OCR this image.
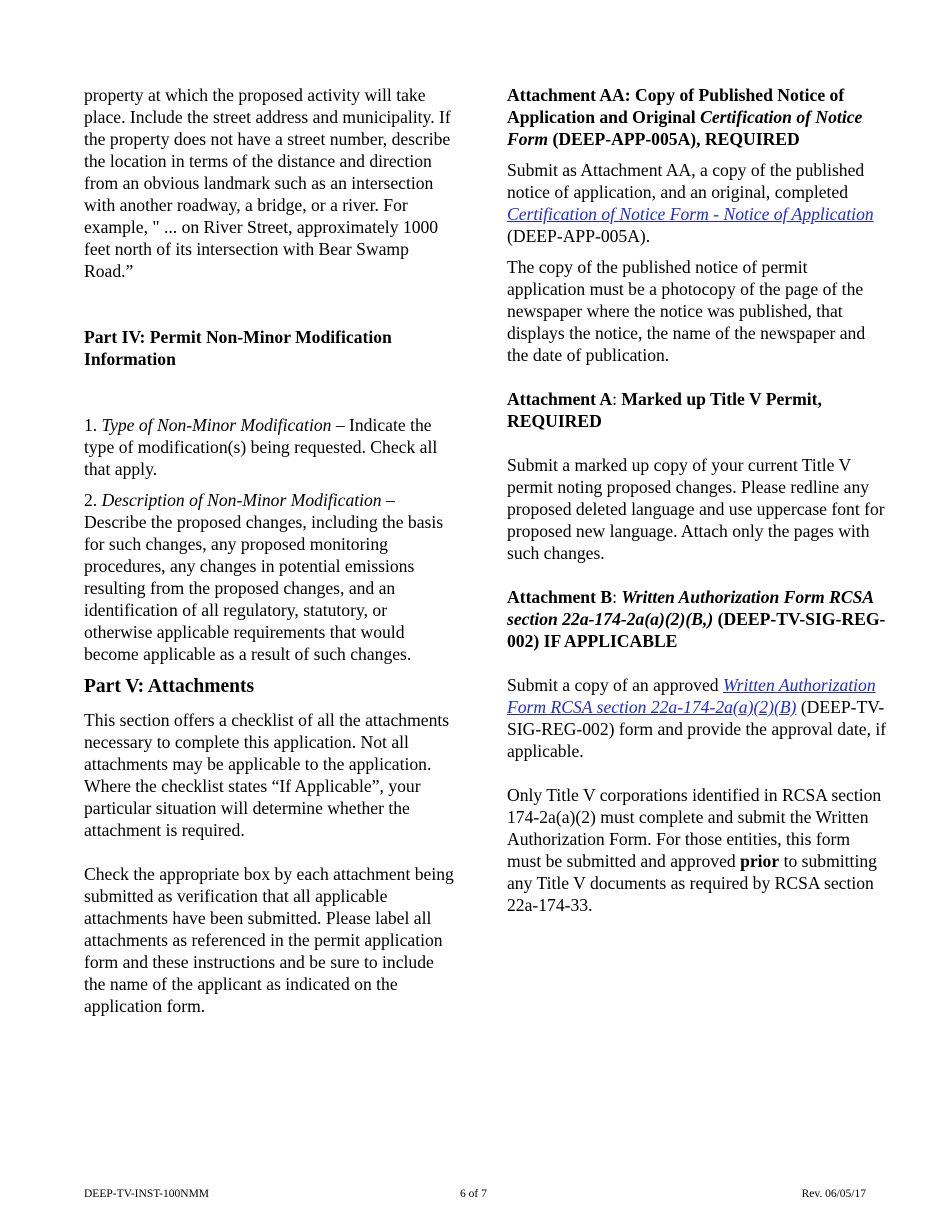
property at which the proposed activity will take place. Include the street address and municipality. If the property does not have a street number, describe the location in terms of the distance and direction from an obvious landmark such as an intersection with another roadway, a bridge, or a river. For example, " ... on River Street, approximately 1000 feet north of its intersection with Bear Swamp Road.”

Part IV: Permit Non-Minor Modification Information

1. Type of Non-Minor Modification – Indicate the type of modification(s) being requested. Check all that apply.

2. Description of Non-Minor Modification – Describe the proposed changes, including the basis for such changes, any proposed monitoring procedures, any changes in potential emissions resulting from the proposed changes, and an identification of all regulatory, statutory, or otherwise applicable requirements that would become applicable as a result of such changes.

Part V: Attachments

This section offers a checklist of all the attachments necessary to complete this application. Not all attachments may be applicable to the application. Where the checklist states “If Applicable”, your particular situation will determine whether the attachment is required.

Check the appropriate box by each attachment being submitted as verification that all applicable attachments have been submitted. Please label all attachments as referenced in the permit application form and these instructions and be sure to include the name of the applicant as indicated on the application form.

Attachment AA: Copy of Published Notice of Application and Original Certification of Notice Form (DEEP-APP-005A), REQUIRED

Submit as Attachment AA, a copy of the published notice of application, and an original, completed Certification of Notice Form - Notice of Application (DEEP-APP-005A).

The copy of the published notice of permit application must be a photocopy of the page of the newspaper where the notice was published, that displays the notice, the name of the newspaper and the date of publication.

Attachment A: Marked up Title V Permit, REQUIRED

Submit a marked up copy of your current Title V permit noting proposed changes. Please redline any proposed deleted language and use uppercase font for proposed new language. Attach only the pages with such changes.

Attachment B: Written Authorization Form RCSA section 22a-174-2a(a)(2)(B,) (DEEP-TV-SIG-REG-002) IF APPLICABLE

Submit a copy of an approved Written Authorization Form RCSA section 22a-174-2a(a)(2)(B) (DEEP-TV-SIG-REG-002) form and provide the approval date, if applicable.

Only Title V corporations identified in RCSA section 174-2a(a)(2) must complete and submit the Written Authorization Form. For those entities, this form must be submitted and approved prior to submitting any Title V documents as required by RCSA section 22a-174-33.

DEEP-TV-INST-100NMM	6 of 7	Rev. 06/05/17
